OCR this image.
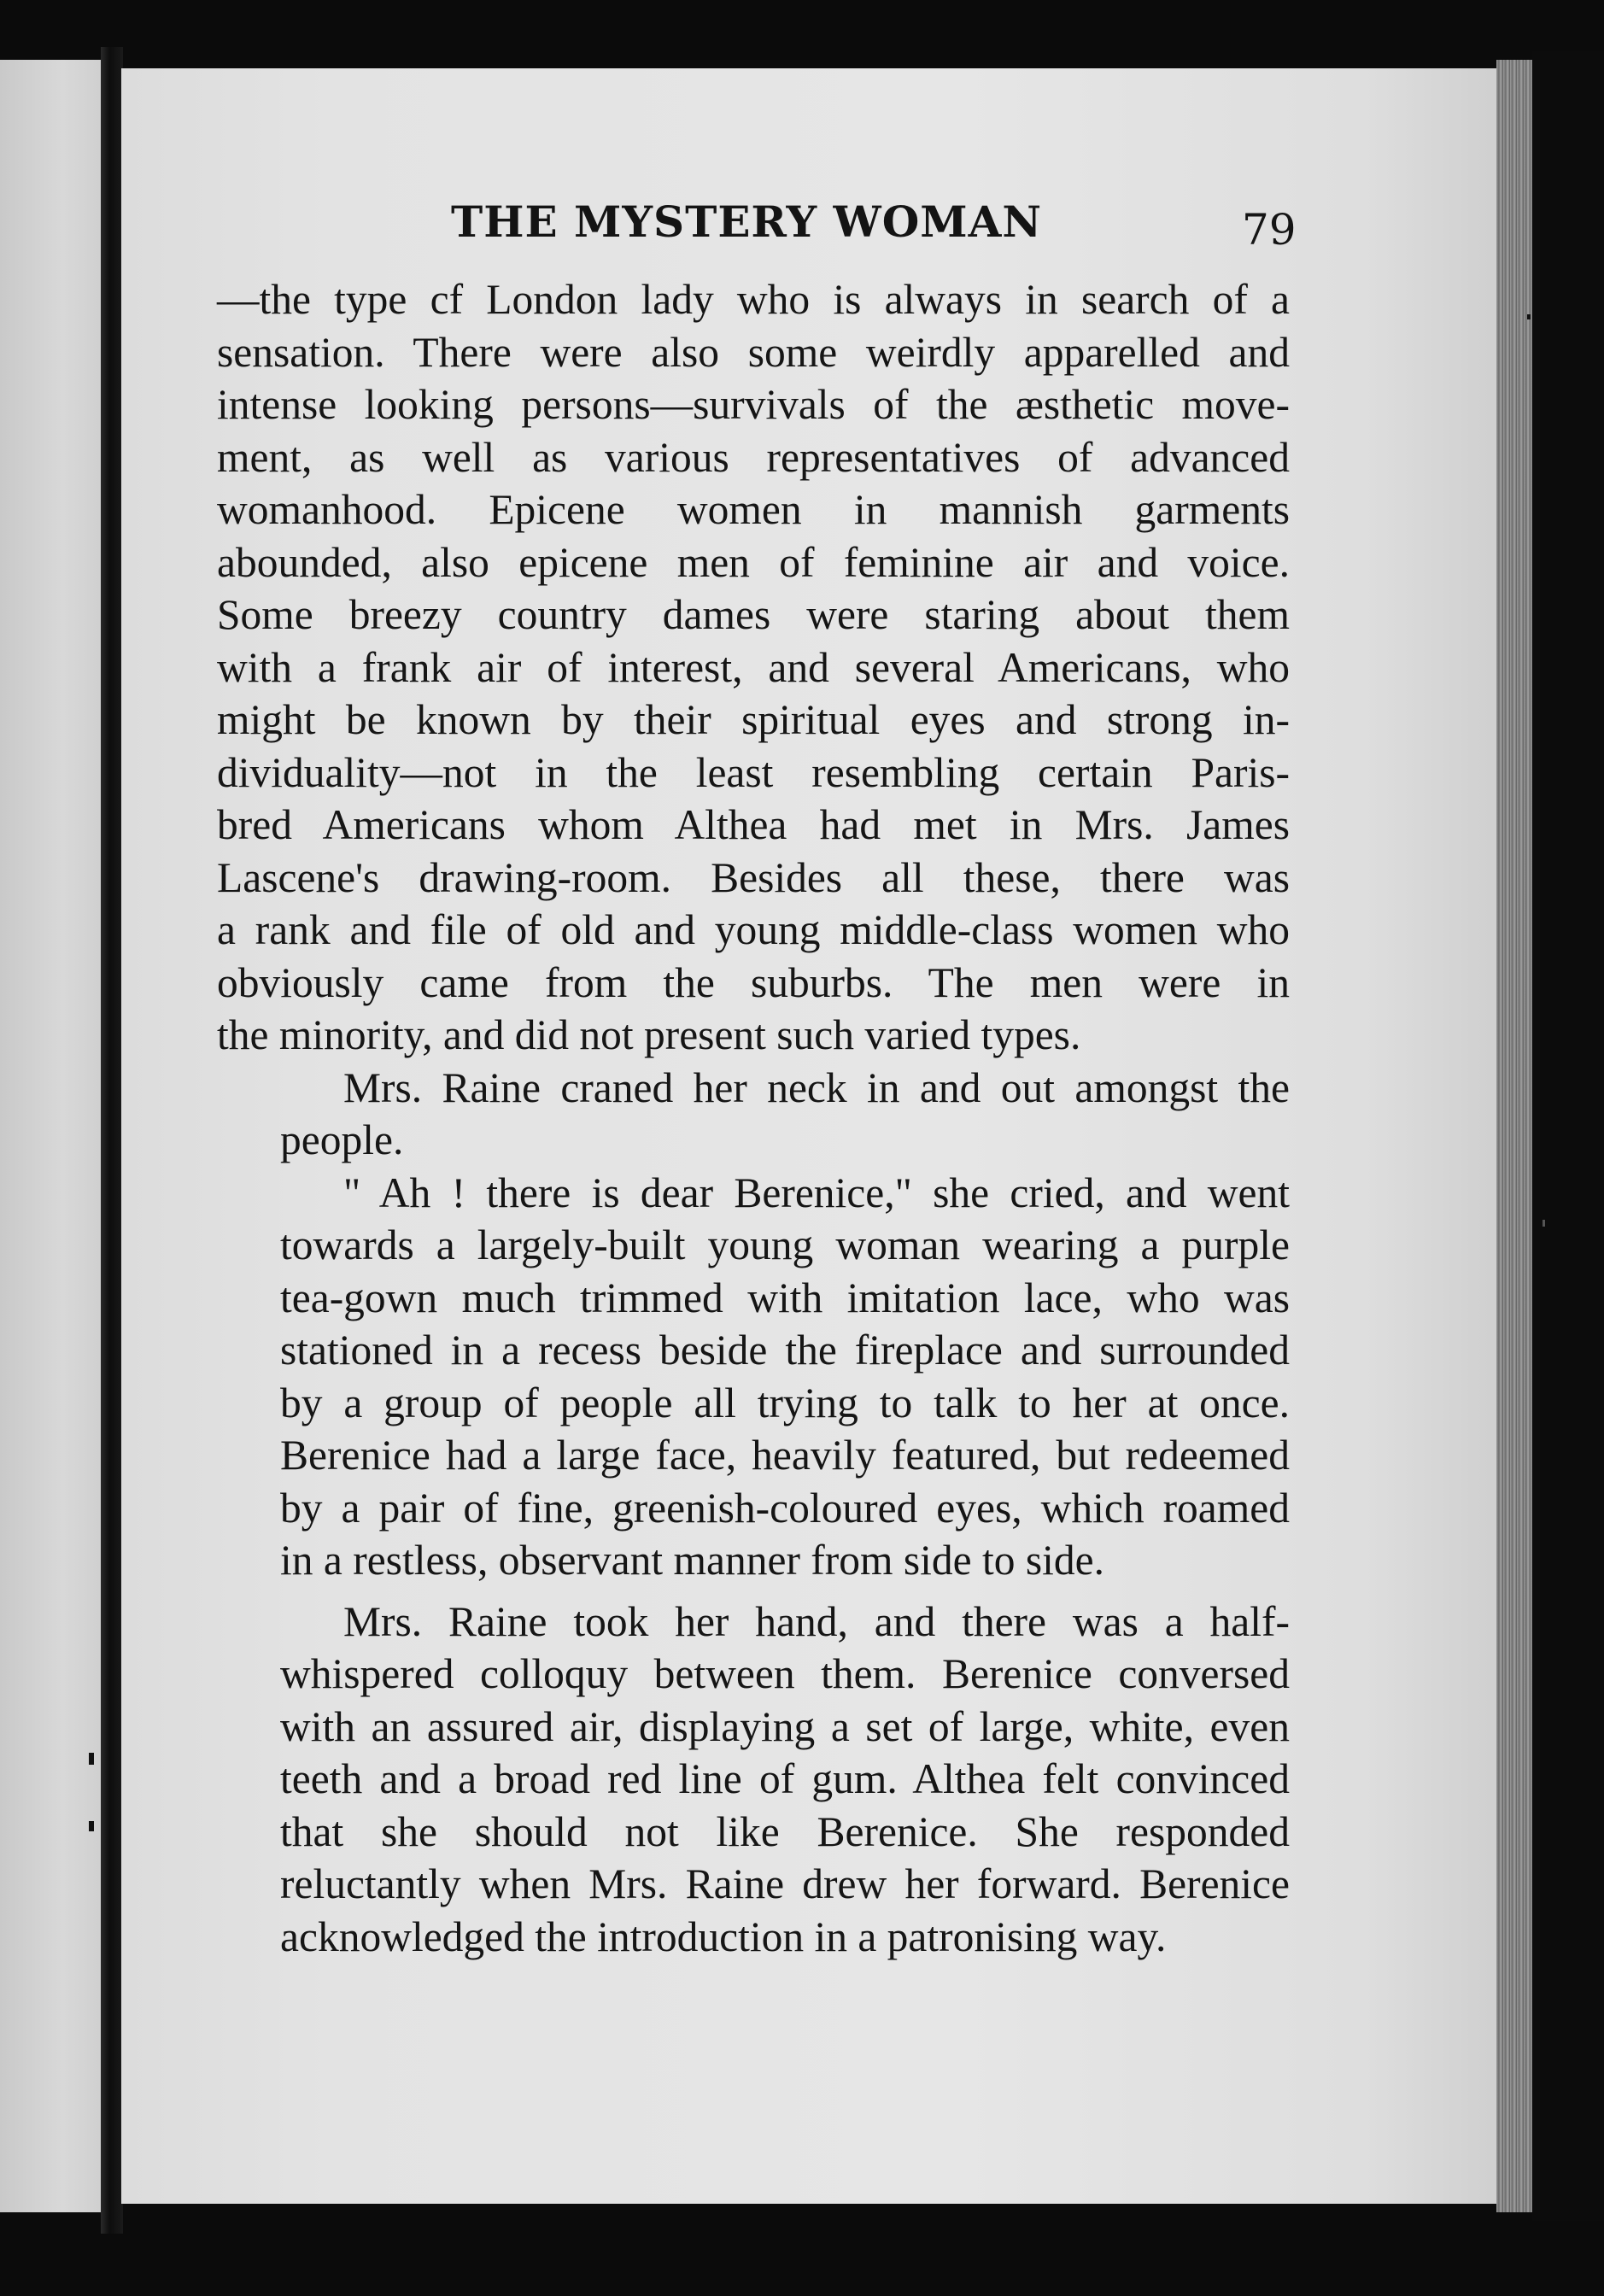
THE MYSTERY WOMAN	79
—the type cf London lady who is always in search of a
sensation. There were also some weirdly apparelled and
intense looking persons—survivals of the æsthetic move-
ment, as well as various representatives of advanced
womanhood. Epicene women in mannish garments
abounded, also epicene men of feminine air and voice.
Some breezy country dames were staring about them
with a frank air of interest, and several Americans, who
might be known by their spiritual eyes and strong in-
dividuality—not in the least resembling certain Paris-
bred Americans whom Althea had met in Mrs. James
Lascene's drawing-room. Besides all these, there was
a rank and file of old and young middle-class women who
obviously came from the suburbs. The men were in
the minority, and did not present such varied types.
Mrs. Raine craned her neck in and out amongst the
people.
" Ah ! there is dear Berenice," she cried, and went
towards a largely-built young woman wearing a purple
tea-gown much trimmed with imitation lace, who was
stationed in a recess beside the fireplace and surrounded
by a group of people all trying to talk to her at once.
Berenice had a large face, heavily featured, but redeemed
by a pair of fine, greenish-coloured eyes, which roamed
in a restless, observant manner from side to side.
Mrs. Raine took her hand, and there was a half-
whispered colloquy between them. Berenice conversed
with an assured air, displaying a set of large, white, even
teeth and a broad red line of gum. Althea felt convinced
that she should not like Berenice. She responded
reluctantly when Mrs. Raine drew her forward. Berenice
acknowledged the introduction in a patronising way.
